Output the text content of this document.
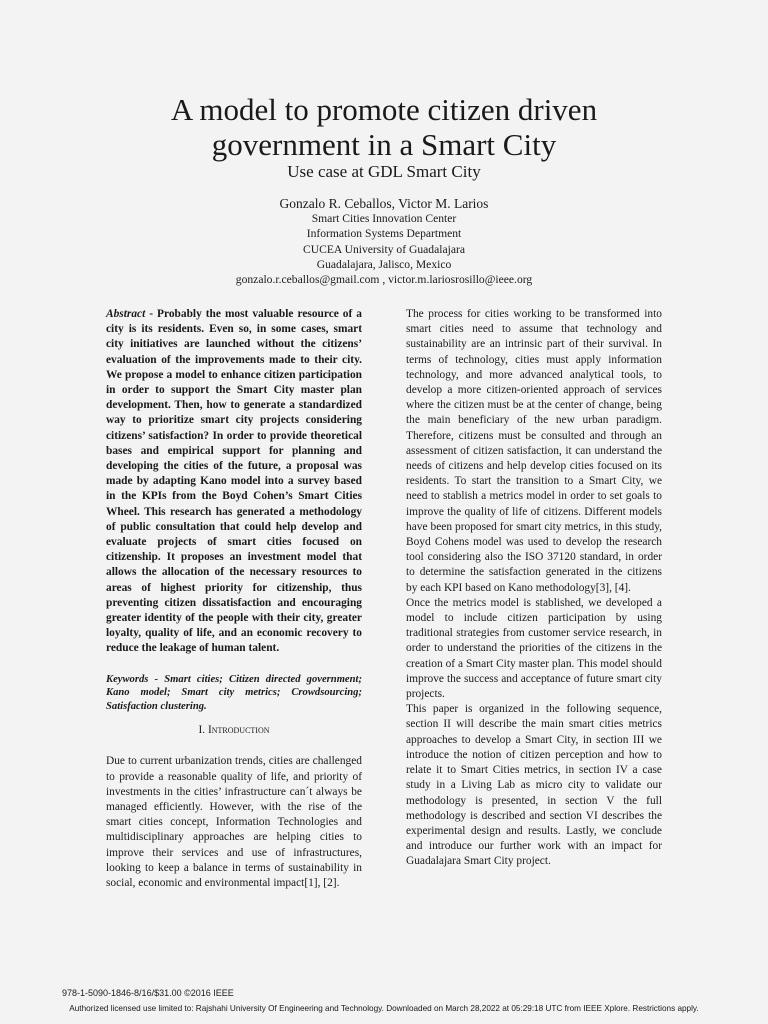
A model to promote citizen driven
government in a Smart City
Use case at GDL Smart City
Gonzalo R. Ceballos, Victor M. Larios
Smart Cities Innovation Center
Information Systems Department
CUCEA University of Guadalajara
Guadalajara, Jalisco, Mexico
gonzalo.r.ceballos@gmail.com , victor.m.lariosrosillo@ieee.org

Abstract - Probably the most valuable resource of a city is its residents. Even so, in some cases, smart city initiatives are launched without the citizens’ evaluation of the improvements made to their city. We propose a model to enhance citizen participation in order to support the Smart City master plan development. Then, how to generate a standardized way to prioritize smart city projects considering citizens’ satisfaction? In order to provide theoretical bases and empirical support for planning and developing the cities of the future, a proposal was made by adapting Kano model into a survey based in the KPIs from the Boyd Cohen’s Smart Cities Wheel. This research has generated a methodology of public consultation that could help develop and evaluate projects of smart cities focused on citizenship. It proposes an investment model that allows the allocation of the necessary resources to areas of highest priority for citizenship, thus preventing citizen dissatisfaction and encouraging greater identity of the people with their city, greater loyalty, quality of life, and an economic recovery to reduce the leakage of human talent.

Keywords - Smart cities; Citizen directed government; Kano model; Smart city metrics; Crowdsourcing; Satisfaction clustering.

I. Introduction

Due to current urbanization trends, cities are challenged to provide a reasonable quality of life, and priority of investments in the cities’ infrastructure can´t always be managed efficiently. However, with the rise of the smart cities concept, Information Technologies and multidisciplinary approaches are helping cities to improve their services and use of infrastructures, looking to keep a balance in terms of sustainability in social, economic and environmental impact[1], [2].

The process for cities working to be transformed into smart cities need to assume that technology and sustainability are an intrinsic part of their survival. In terms of technology, cities must apply information technology, and more advanced analytical tools, to develop a more citizen-oriented approach of services where the citizen must be at the center of change, being the main beneficiary of the new urban paradigm. Therefore, citizens must be consulted and through an assessment of citizen satisfaction, it can understand the needs of citizens and help develop cities focused on its residents. To start the transition to a Smart City, we need to stablish a metrics model in order to set goals to improve the quality of life of citizens. Different models have been proposed for smart city metrics, in this study, Boyd Cohens model was used to develop the research tool considering also the ISO 37120 standard, in order to determine the satisfaction generated in the citizens by each KPI based on Kano methodology[3], [4].

Once the metrics model is stablished, we developed a model to include citizen participation by using traditional strategies from customer service research, in order to understand the priorities of the citizens in the creation of a Smart City master plan. This model should improve the success and acceptance of future smart city projects.

This paper is organized in the following sequence, section II will describe the main smart cities metrics approaches to develop a Smart City, in section III we introduce the notion of citizen perception and how to relate it to Smart Cities metrics, in section IV a case study in a Living Lab as micro city to validate our methodology is presented, in section V the full methodology is described and section VI describes the experimental design and results. Lastly, we conclude and introduce our further work with an impact for Guadalajara Smart City project.

978-1-5090-1846-8/16/$31.00 ©2016 IEEE
Authorized licensed use limited to: Rajshahi University Of Engineering and Technology. Downloaded on March 28,2022 at 05:29:18 UTC from IEEE Xplore. Restrictions apply.
